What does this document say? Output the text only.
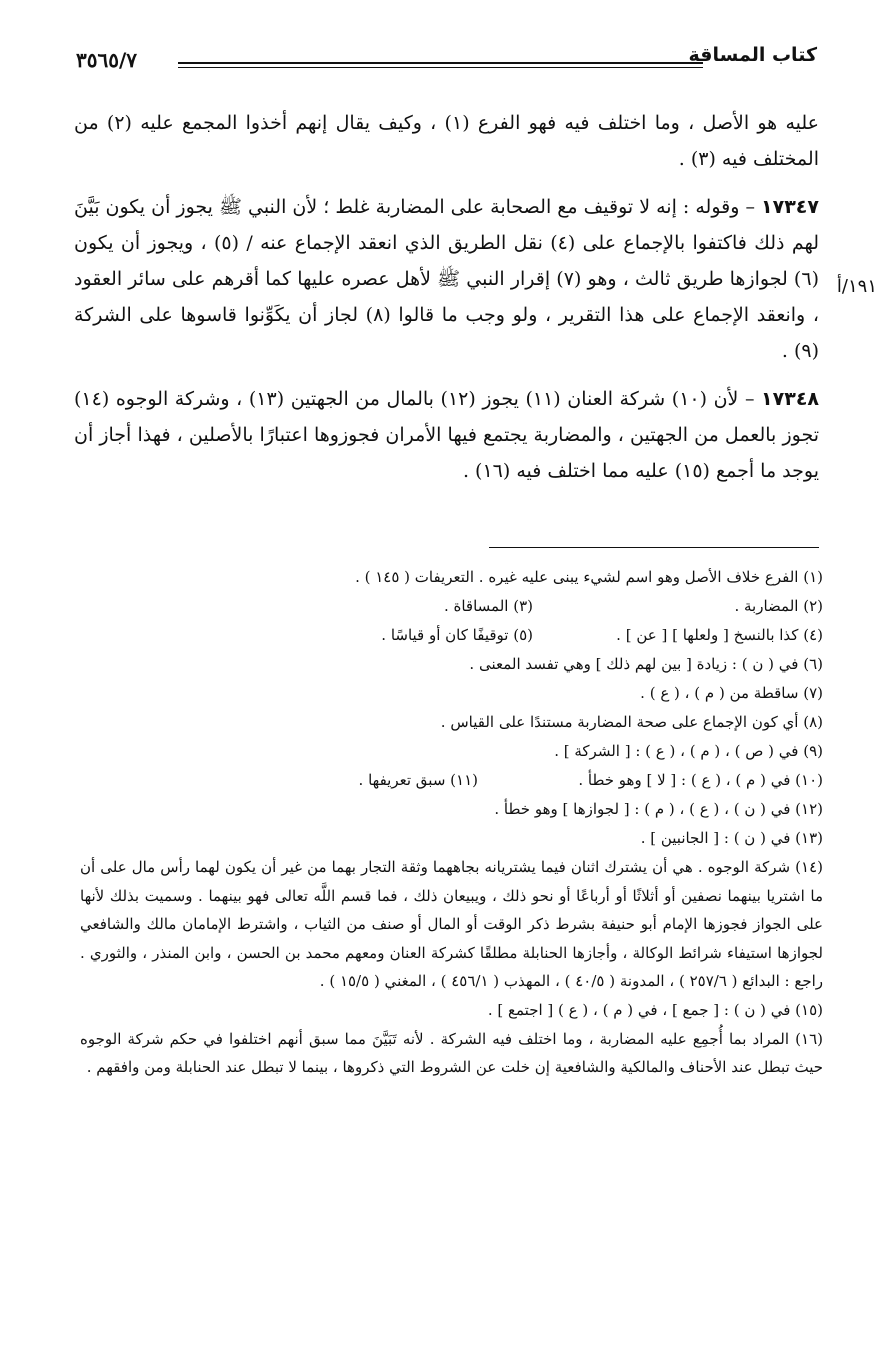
كتاب المساقة
٣٥٦٥/٧
١٩١/أ

عليه هو الأصل ، وما اختلف فيه فهو الفرع (١) ، وكيف يقال إنهم أخذوا المجمع عليه (٢) من المختلف فيه (٣) .

١٧٣٤٧ – وقوله : إنه لا توقيف مع الصحابة على المضاربة غلط ؛ لأن النبي ﷺ يجوز أن يكون بَيَّنَ لهم ذلك فاكتفوا بالإجماع على (٤) نقل الطريق الذي انعقد الإجماع عنه / (٥) ، ويجوز أن يكون (٦) لجوازها طريق ثالث ، وهو (٧) إقرار النبي ﷺ لأهل عصره عليها كما أقرهم على سائر العقود ، وانعقد الإجماع على هذا التقرير ، ولو وجب ما قالوا (٨) لجاز أن يكَوِّنوا قاسوها على الشركة (٩) .

١٧٣٤٨ – لأن (١٠) شركة العنان (١١) يجوز (١٢) بالمال من الجهتين (١٣) ، وشركة الوجوه (١٤) تجوز بالعمل من الجهتين ، والمضاربة يجتمع فيها الأمران فجوزوها اعتبارًا بالأصلين ، فهذا أجاز أن يوجد ما أجمع (١٥) عليه مما اختلف فيه (١٦) .

(١) الفرع خلاف الأصل وهو اسم لشيء يبنى عليه غيره . التعريفات ( ١٤٥ ) .

(٢) المضاربة .
(٣) المساقاة .
(٤) كذا بالنسخ [ ولعلها ] [ عن ] .
(٥) توقيفًا كان أو قياسًا .

(٦) في ( ن ) : زيادة [ بين لهم ذلك ] وهي تفسد المعنى .

(٧) ساقطة من ( م ) ، ( ع ) .

(٨) أي كون الإجماع على صحة المضاربة مستندًا على القياس .

(٩) في ( ص ) ، ( م ) ، ( ع ) : [ الشركة ] .

(١٠) في ( م ) ، ( ع ) : [ لا ] وهو خطأ .
(١١) سبق تعريفها .

(١٢) في ( ن ) ، ( ع ) ، ( م ) : [ لجوازها ] وهو خطأ .

(١٣) في ( ن ) : [ الجانبين ] .

(١٤) شركة الوجوه . هي أن يشترك اثنان فيما يشتريانه بجاههما وثقة التجار بهما من غير أن يكون لهما رأس مال على أن ما اشتريا بينهما نصفين أو أثلاثًا أو أرباعًا أو نحو ذلك ، ويبيعان ذلك ، فما قسم اللَّه تعالى فهو بينهما . وسميت بذلك لأنها على الجواز فجوزها الإمام أبو حنيفة بشرط ذكر الوقت أو المال أو صنف من الثياب ، واشترط الإمامان مالك والشافعي لجوازها استيفاء شرائط الوكالة ، وأجازها الحنابلة مطلقًا كشركة العنان ومعهم محمد بن الحسن ، وابن المنذر ، والثوري . راجع : البدائع ( ٢٥٧/٦ ) ، المدونة ( ٤٠/٥ ) ، المهذب ( ٤٥٦/١ ) ، المغني ( ١٥/٥ ) .

(١٥) في ( ن ) : [ جمع ] ، في ( م ) ، ( ع ) [ اجتمع ] .

(١٦) المراد بما أُجمِع عليه المضاربة ، وما اختلف فيه الشركة . لأنه تَبَيَّنَ مما سبق أنهم اختلفوا في حكم شركة الوجوه حيث تبطل عند الأحناف والمالكية والشافعية إن خلت عن الشروط التي ذكروها ، بينما لا تبطل عند الحنابلة ومن وافقهم .
